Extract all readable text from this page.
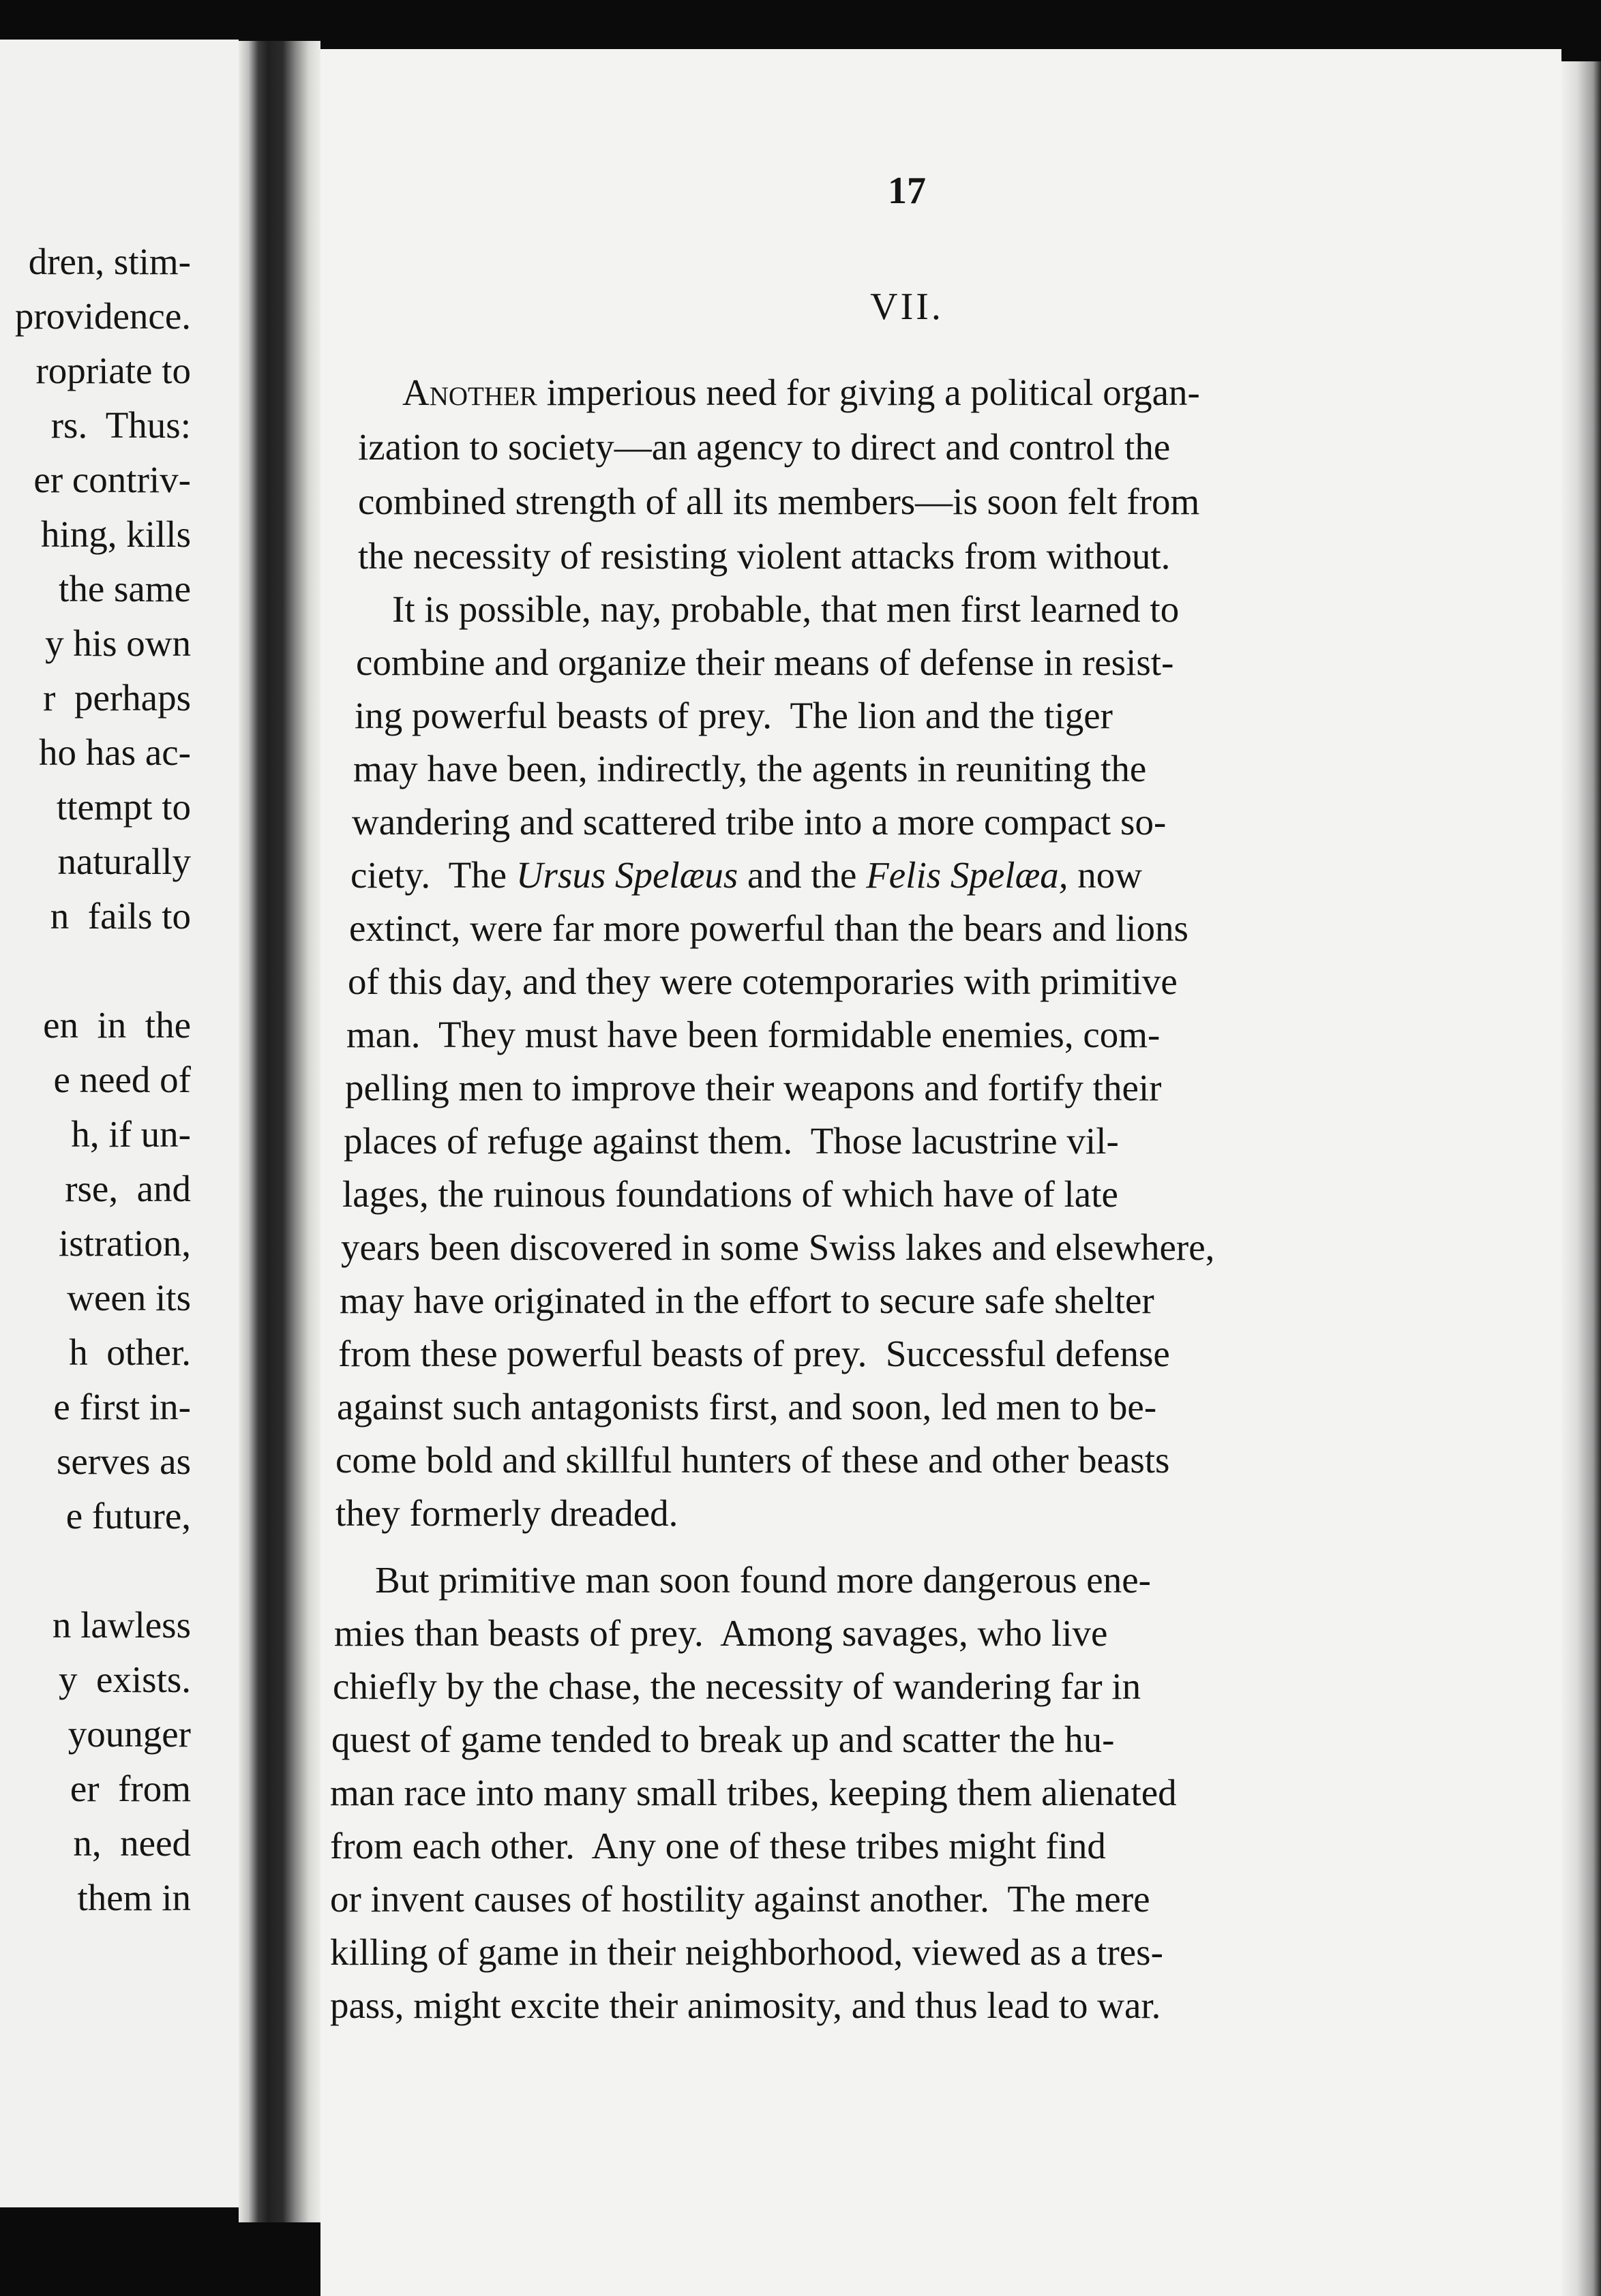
dren, stim-
providence.
ropriate to
rs.  Thus:
er contriv-
hing, kills
the same
y his own
r  perhaps
ho has ac-
ttempt to
naturally
n  fails to
en  in  the
e need of
h, if un-
rse,  and
istration,
ween its
h  other.
e first in-
serves as
e future,
n lawless
y  exists.
younger
er  from
n,  need
them in
17
VII.
Another imperious need for giving a political organ-
ization to society—an agency to direct and control the
combined strength of all its members—is soon felt from
the necessity of resisting violent attacks from without.
It is possible, nay, probable, that men first learned to
combine and organize their means of defense in resist-
ing powerful beasts of prey.  The lion and the tiger
may have been, indirectly, the agents in reuniting the
wandering and scattered tribe into a more compact so-
ciety.  The Ursus Spelæus and the Felis Spelæa, now
extinct, were far more powerful than the bears and lions
of this day, and they were cotemporaries with primitive
man.  They must have been formidable enemies, com-
pelling men to improve their weapons and fortify their
places of refuge against them.  Those lacustrine vil-
lages, the ruinous foundations of which have of late
years been discovered in some Swiss lakes and elsewhere,
may have originated in the effort to secure safe shelter
from these powerful beasts of prey.  Successful defense
against such antagonists first, and soon, led men to be-
come bold and skillful hunters of these and other beasts
they formerly dreaded.
But primitive man soon found more dangerous ene-
mies than beasts of prey.  Among savages, who live
chiefly by the chase, the necessity of wandering far in
quest of game tended to break up and scatter the hu-
man race into many small tribes, keeping them alienated
from each other.  Any one of these tribes might find
or invent causes of hostility against another.  The mere
killing of game in their neighborhood, viewed as a tres-
pass, might excite their animosity, and thus lead to war.
